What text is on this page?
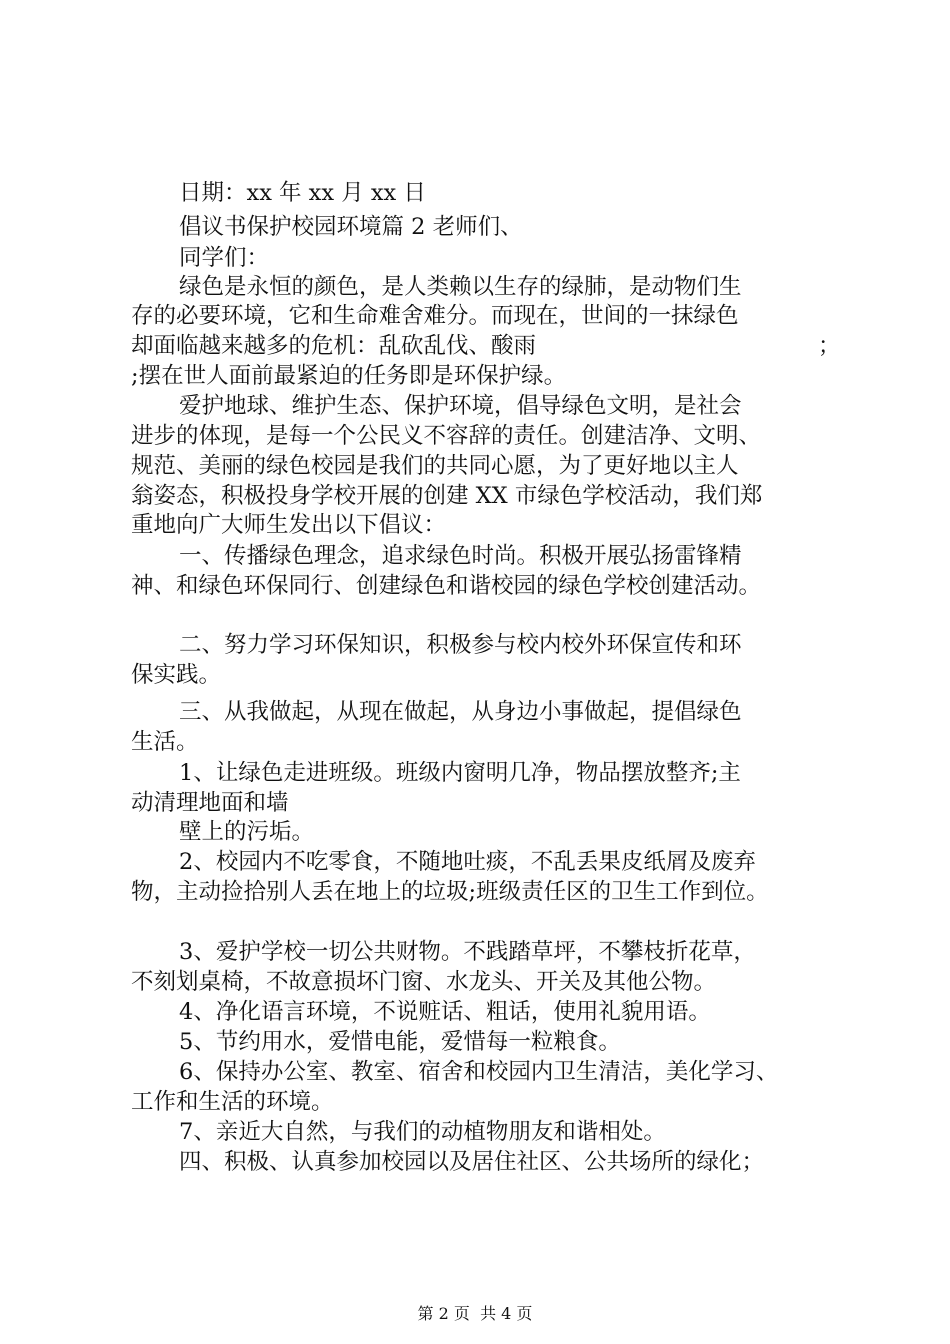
日期：xx 年 xx 月 xx 日
倡议书保护校园环境篇 2 老师们、
同学们：
绿色是永恒的颜色，是人类赖以生存的绿肺，是动物们生
存的必要环境，它和生命难舍难分。而现在，世间的一抹绿色
却面临越来越多的危机：乱砍乱伐、酸雨	；
;摆在世人面前最紧迫的任务即是环保护绿。
爱护地球、维护生态、保护环境，倡导绿色文明，是社会
进步的体现，是每一个公民义不容辞的责任。创建洁净、文明、
规范、美丽的绿色校园是我们的共同心愿，为了更好地以主人
翁姿态，积极投身学校开展的创建 XX 市绿色学校活动，我们郑
重地向广大师生发出以下倡议：
一、传播绿色理念，追求绿色时尚。积极开展弘扬雷锋精
神、和绿色环保同行、创建绿色和谐校园的绿色学校创建活动。
二、努力学习环保知识，积极参与校内校外环保宣传和环
保实践。
三、从我做起，从现在做起，从身边小事做起，提倡绿色
生活。
1、让绿色走进班级。班级内窗明几净，物品摆放整齐;主
动清理地面和墙
壁上的污垢。
2、校园内不吃零食，不随地吐痰，不乱丢果皮纸屑及废弃
物，主动捡拾别人丢在地上的垃圾;班级责任区的卫生工作到位。
3、爱护学校一切公共财物。不践踏草坪，不攀枝折花草，
不刻划桌椅，不故意损坏门窗、水龙头、开关及其他公物。
4、净化语言环境，不说赃话、粗话，使用礼貌用语。
5、节约用水，爱惜电能，爱惜每一粒粮食。
6、保持办公室、教室、宿舍和校园内卫生清洁，美化学习、
工作和生活的环境。
7、亲近大自然，与我们的动植物朋友和谐相处。
四、积极、认真参加校园以及居住社区、公共场所的绿化；
第 2 页  共 4 页
